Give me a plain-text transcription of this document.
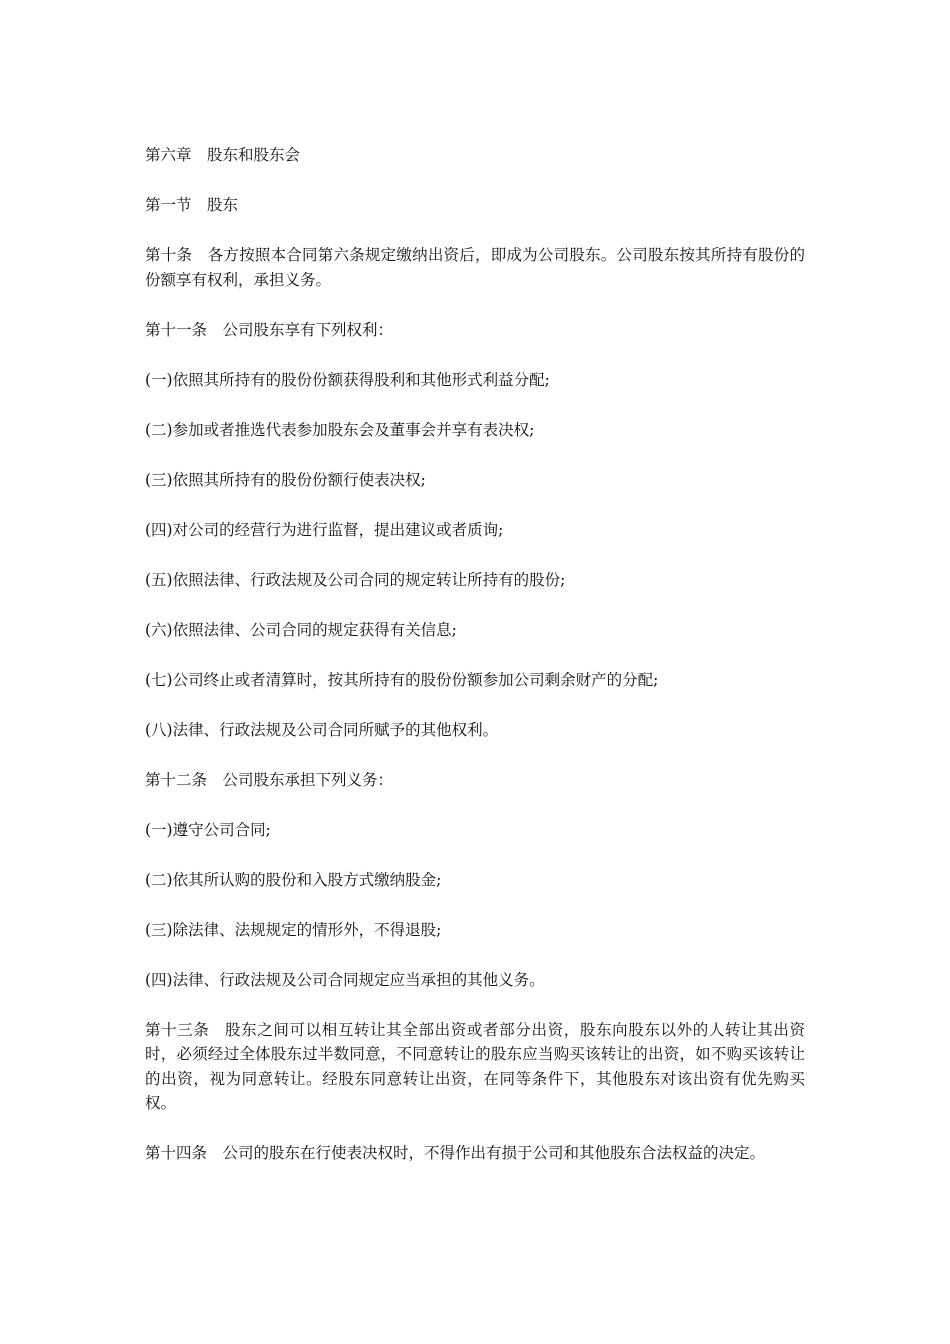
第六章 股东和股东会

第一节 股东

第十条 各方按照本合同第六条规定缴纳出资后，即成为公司股东。公司股东按其所持有股份的份额享有权利，承担义务。

第十一条 公司股东享有下列权利：

(一)依照其所持有的股份份额获得股利和其他形式利益分配;

(二)参加或者推选代表参加股东会及董事会并享有表决权;

(三)依照其所持有的股份份额行使表决权;

(四)对公司的经营行为进行监督，提出建议或者质询;

(五)依照法律、行政法规及公司合同的规定转让所持有的股份;

(六)依照法律、公司合同的规定获得有关信息;

(七)公司终止或者清算时，按其所持有的股份份额参加公司剩余财产的分配;

(八)法律、行政法规及公司合同所赋予的其他权利。

第十二条 公司股东承担下列义务：

(一)遵守公司合同;

(二)依其所认购的股份和入股方式缴纳股金;

(三)除法律、法规规定的情形外，不得退股;

(四)法律、行政法规及公司合同规定应当承担的其他义务。

第十三条 股东之间可以相互转让其全部出资或者部分出资，股东向股东以外的人转让其出资时，必须经过全体股东过半数同意，不同意转让的股东应当购买该转让的出资，如不购买该转让的出资，视为同意转让。经股东同意转让出资，在同等条件下，其他股东对该出资有优先购买权。

第十四条 公司的股东在行使表决权时，不得作出有损于公司和其他股东合法权益的决定。
